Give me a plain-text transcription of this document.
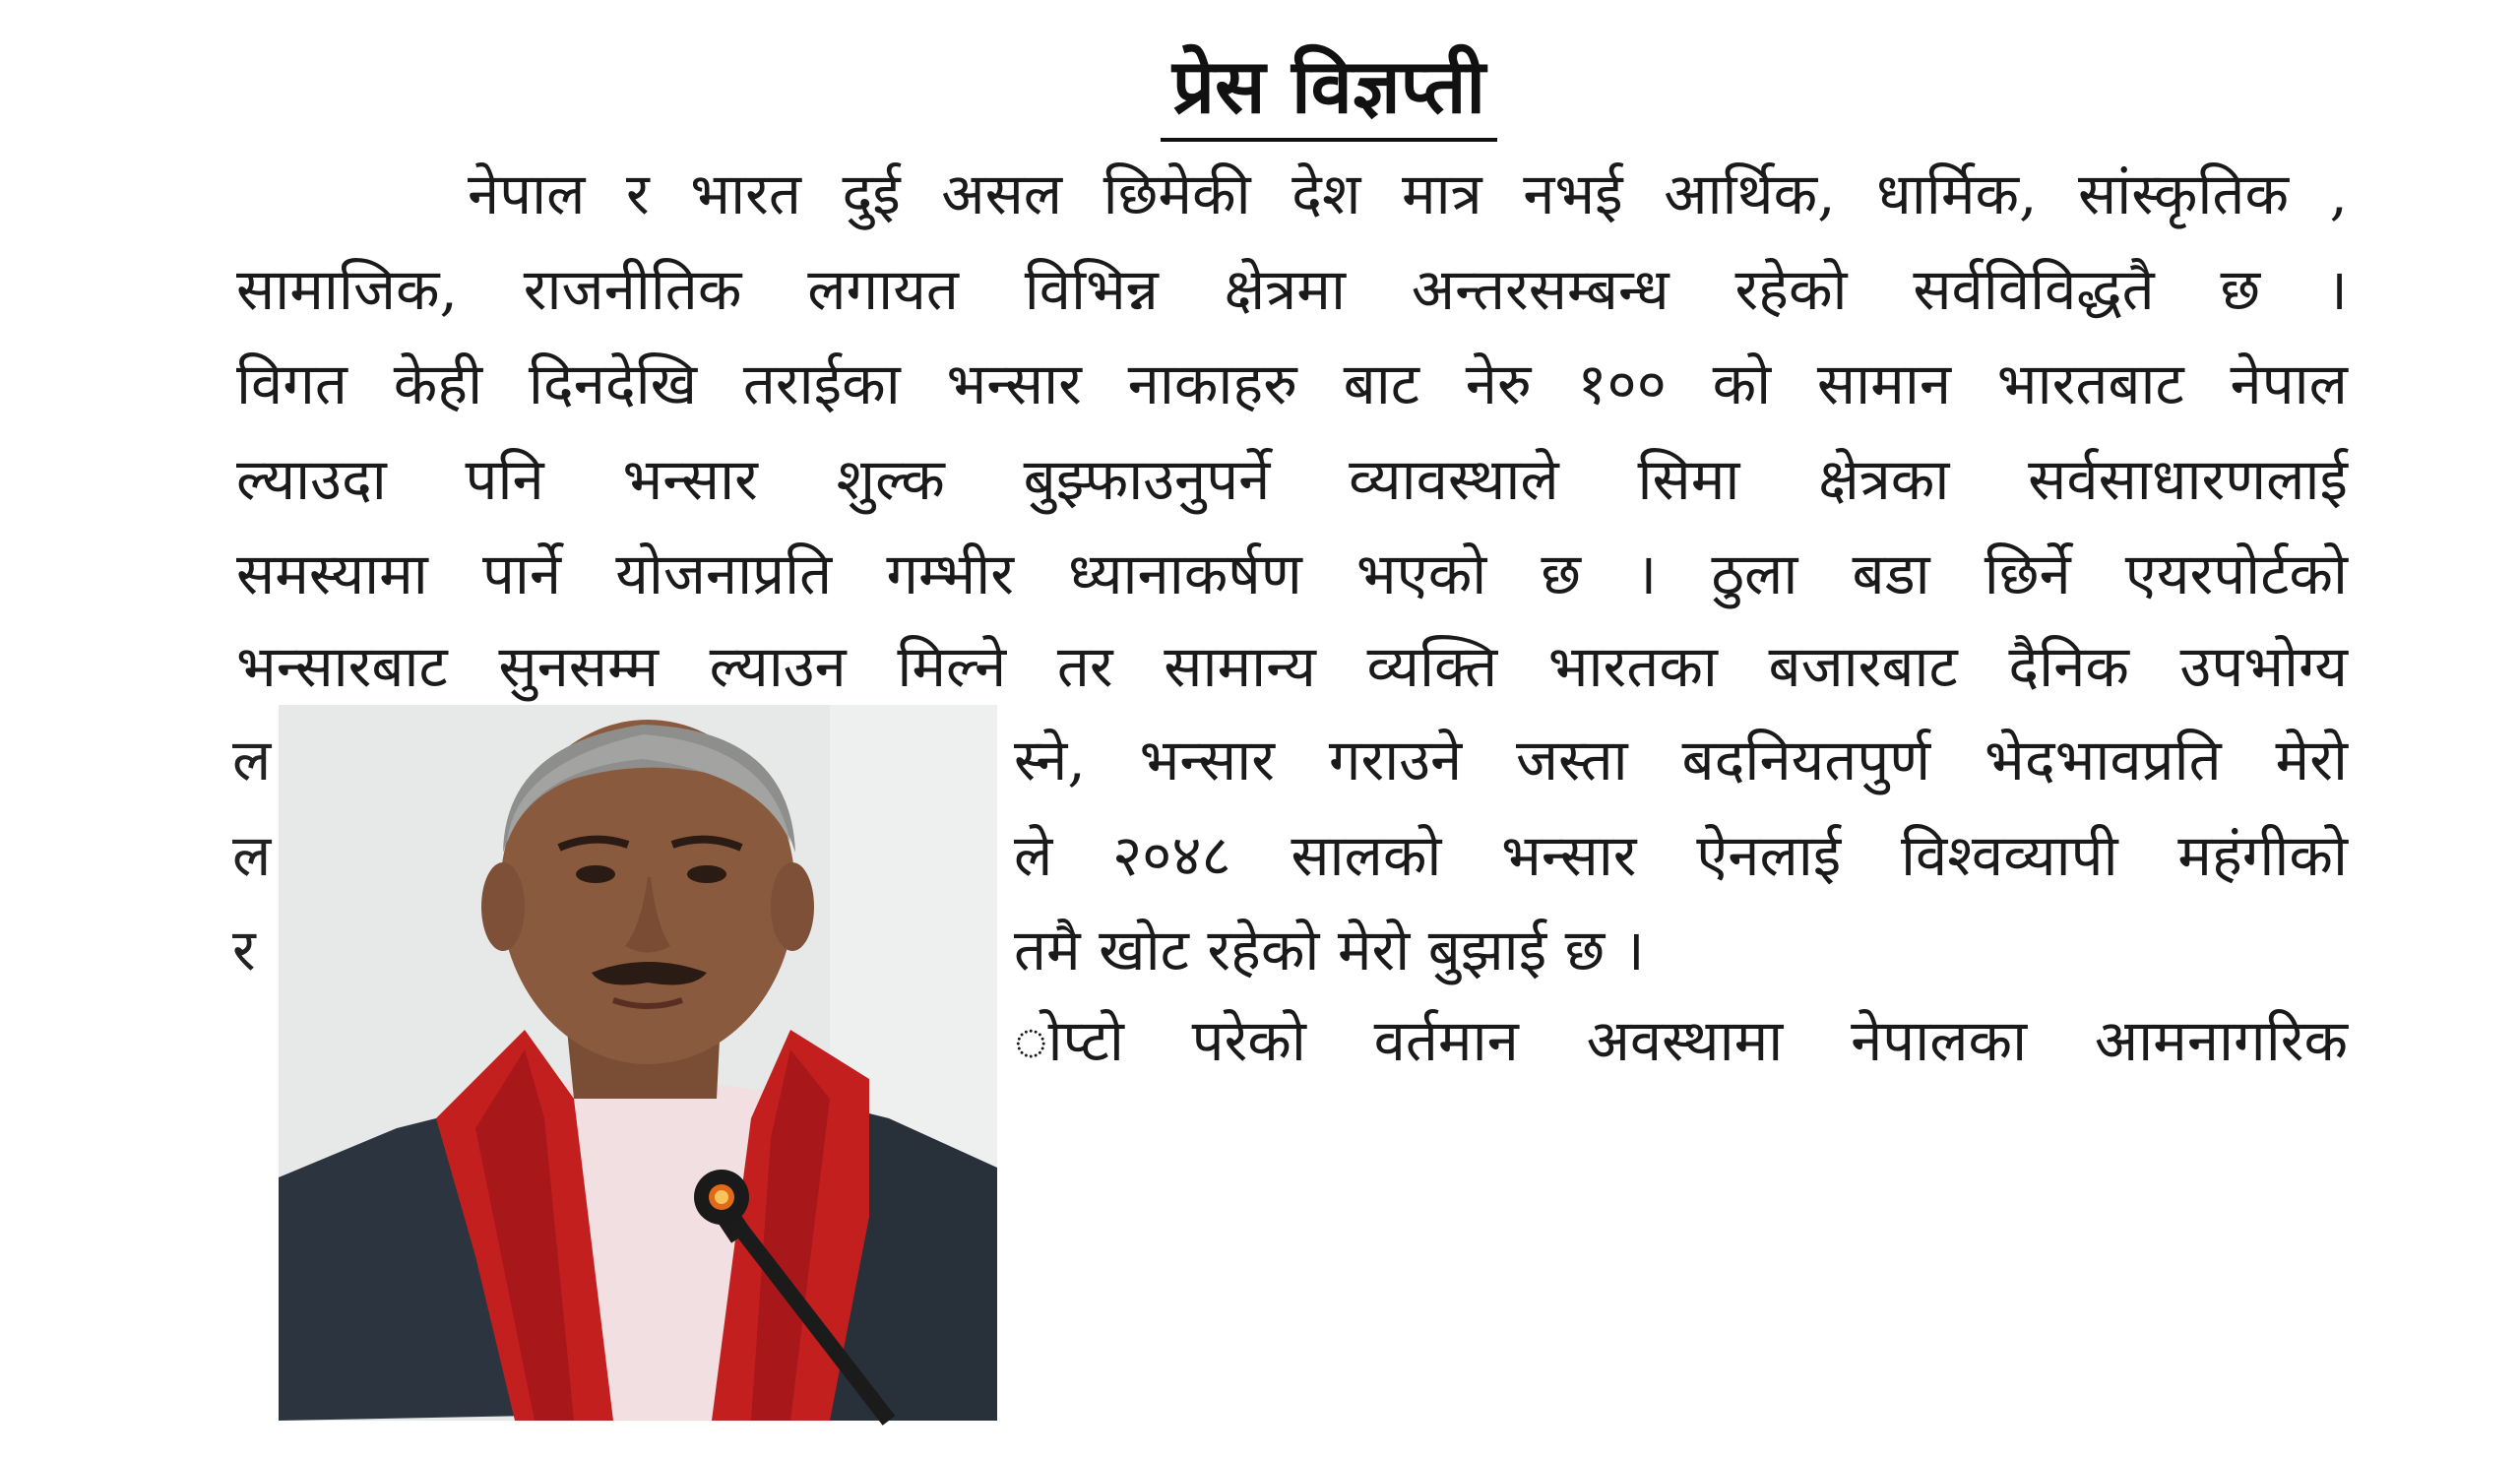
प्रेस विज्ञप्ती
नेपाल र भारत दुई असल छिमेकी देश मात्र नभई आर्थिक, धार्मिक, सांस्कृतिक ,
सामाजिक, राजनीतिक लगायत विभिन्न क्षेत्रमा अन्तरसम्बन्ध रहेको सर्वविविद्धतै छ ।
विगत केही दिनदेखि तराईका भन्सार नाकाहरु बाट नेरु १०० को सामान भारतबाट नेपाल
ल्याउदा पनि भन्सार शुल्क बुझ्फाउनुपर्ने व्यावस्थाले सिमा क्षेत्रका सर्वसाधारणलाई
समस्यामा पार्ने योजनाप्रति गम्भीर ध्यानाकर्षण भएको छ । ठुला बडा छिर्ने एयरपोर्टको
भन्सारबाट सुनसम्म ल्याउन मिल्ने तर सामान्य व्यक्ति भारतका बजारबाट दैनिक उपभोग्य
स्ने, भन्सार गराउने जस्ता बदनियतपुर्ण भेदभावप्रति मेरो
ले २०४८ सालको भन्सार ऐनलाई विश्वव्यापी महंगीको
तमै खोट रहेको मेरो बुझाई छ ।
ोप्टो परेको वर्तमान अवस्थामा नेपालका आमनागरिक
ल
ल
र
